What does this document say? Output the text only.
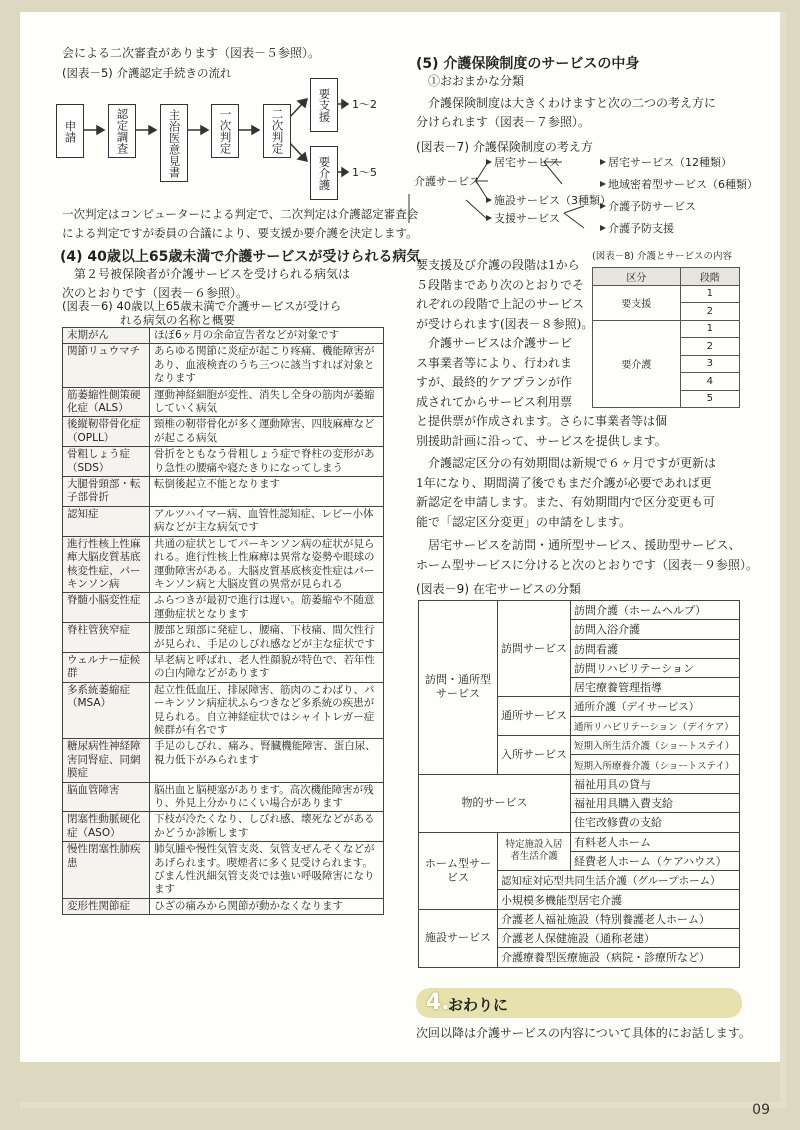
09
会による二次審査があります（図表－５参照）。
(図表－5) 介護認定手続きの流れ
申請	認定調査	主治医意見書	一次判定	二次判定
要支援
要介護
1〜2
1〜5
一次判定はコンピューターによる判定で、二次判定は介護認定審査会
による判定ですが委員の合議により、要支援か要介護を決定します。
(4) 40歳以上65歳未満で介護サービスが受けられる病気
第２号被保険者が介護サービスを受けられる病気は
次のとおりです（図表－６参照）。
(図表－6) 40歳以上65歳未満で介護サービスが受けら
れる病気の名称と概要
末期がん	ほぼ6ヶ月の余命宣告者などが対象です
関節リュウマチ	あらゆる関節に炎症が起こり疼痛、機能障害があり、血液検査のうち三つに該当すれば対象となります
筋萎縮性側策硬化症（ALS）	運動神経細胞が変性、消失し全身の筋肉が萎縮していく病気
後縦靭帯骨化症（OPLL）	頸椎の靭帯骨化が多く運動障害、四肢麻痺などが起こる病気
骨粗しょう症（SDS）	骨折をともなう骨粗しょう症で脊柱の変形があり急性の腰痛や寝たきりになってしまう
大腿骨頸部・転子部骨折	転倒後起立不能となります
認知症	アルツハイマー病、血管性認知症、レビー小体病などが主な病気です
進行性核上性麻痺大脳皮質基底核変性症、パーキンソン病	共通の症状としてパーキンソン病の症状が見られる。進行性核上性麻痺は異常な姿勢や眼球の運動障害がある。大脳皮質基底核変性症はパーキンソン病と大脳皮質の異常が見られる
脊髄小脳変性症	ふらつきが最初で進行は遅い。筋萎縮や不随意運動症状となります
脊柱管狭窄症	腰部と頸部に発症し、腰痛、下枝痛、間欠性行が見られ、手足のしびれ感などが主な症状です
ウェルナー症候群	早老病と呼ばれ、老人性顔貌が特色で、若年性の白内障などがあります
多系統萎縮症（MSA）	起立性低血圧、排尿障害、筋肉のこわばり、パーキンソン病症状ふらつきなど多系統の疾患が見られる。自立神経症状ではシャイトレガー症候群が有名です
糖尿病性神経障害同腎症、同網膜症	手足のしびれ、痛み、腎臓機能障害、蛋白尿、視力低下がみられます
脳血管障害	脳出血と脳梗塞があります。高次機能障害が残り、外見上分かりにくい場合があります
閉塞性動脈硬化症（ASO）	下枝が冷たくなり、しびれ感、壊死などがあるかどうか診断します
慢性閉塞性肺疾患	肺気腫や慢性気管支炎、気管支ぜんそくなどがあげられます。喫煙者に多く見受けられます。びまん性汎細気管支炎では強い呼吸障害になります
変形性関節症	ひざの痛みから関節が動かなくなります
(5) 介護保険制度のサービスの中身
①おおまかな分類
介護保険制度は大きくわけますと次の二つの考え方に
分けられます（図表－７参照）。
(図表－7) 介護保険制度の考え方
介護サービス
居宅サービス
施設サービス（3種類）
支援サービス
居宅サービス（12種類）
地域密着型サービス（6種類）
介護予防サービス
介護予防支援
要支援及び介護の段階は1から
５段階まであり次のとおりでそ
れぞれの段階で上記のサービス
が受けられます(図表－８参照)。
介護サービスは介護サービ
ス事業者等により、行われま
すが、最終的ケアプランが作
成されてからサービス利用票
と提供票が作成されます。さらに事業者等は個
別援助計画に沿って、サービスを提供します。
介護認定区分の有効期間は新規で６ヶ月ですが更新は
1年になり、期間満了後でもまだ介護が必要であれば更
新認定を申請します。また、有効期間内で区分変更も可
能で「認定区分変更」の申請をします。
居宅サービスを訪問・通所型サービス、援助型サービス、
ホーム型サービスに分けると次のとおりです（図表－９参照）。
(図表－8) 介護とサービスの内容
区分	段階
要支援	1
	2
要介護	1
	2
	3
	4
	5
(図表－9) 在宅サービスの分類
訪問・通所型サービス	訪問サービス	訪問介護（ホームヘルプ）
		訪問入浴介護
		訪問看護
		訪問リハビリテーション
		居宅療養管理指導
	通所サービス	通所介護（デイサービス）
		通所リハビリテーション（デイケア）
	入所サービス	短期入所生活介護（ショートステイ）
		短期入所療養介護（ショートステイ）
物的サービス		福祉用具の貸与
		福祉用具購入費支給
		住宅改修費の支給
ホーム型サービス	特定施設入居者生活介護	有料老人ホーム
		経費老人ホーム（ケアハウス）
	認知症対応型共同生活介護（グループホーム）	
	小規模多機能型居宅介護	
施設サービス	介護老人福祉施設（特別養護老人ホーム）	
	介護老人保健施設（通称老建）	
	介護療養型医療施設（病院・診療所など）	
4.
おわりに
次回以降は介護サービスの内容について具体的にお話します。
